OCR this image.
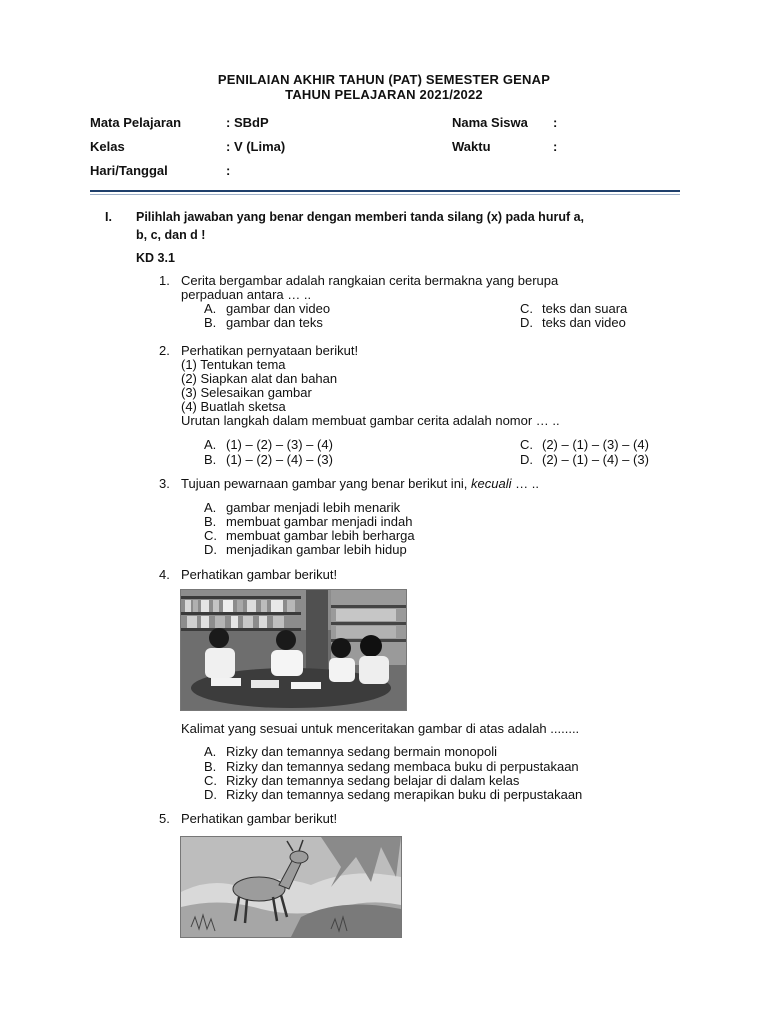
PENILAIAN AKHIR TAHUN (PAT) SEMESTER GENAP
TAHUN PELAJARAN 2021/2022
Mata Pelajaran	: SBdP
Kelas	: V (Lima)
Hari/Tanggal	:
Nama Siswa :
Waktu	:
I. Pilihlah jawaban yang benar dengan memberi tanda silang (x) pada huruf a,
b, c, dan d !
KD 3.1
1. Cerita bergambar adalah rangkaian cerita bermakna yang berupa
perpaduan antara … ..
A. gambar dan video
B. gambar dan teks
C. teks dan suara
D. teks dan video
2. Perhatikan pernyataan berikut!
(1) Tentukan tema
(2) Siapkan alat dan bahan
(3) Selesaikan gambar
(4) Buatlah sketsa
Urutan langkah dalam membuat gambar cerita adalah nomor … ..
A. (1) – (2) – (3) – (4)
B. (1) – (2) – (4) – (3)
C. (2) – (1) – (3) – (4)
D. (2) – (1) – (4) – (3)
3. Tujuan pewarnaan gambar yang benar berikut ini, kecuali … ..
A. gambar menjadi lebih menarik
B. membuat gambar menjadi indah
C. membuat gambar lebih berharga
D. menjadikan gambar lebih hidup
4. Perhatikan gambar berikut!
Kalimat yang sesuai untuk menceritakan gambar di atas adalah ........
A. Rizky dan temannya sedang bermain monopoli
B. Rizky dan temannya sedang membaca buku di perpustakaan
C. Rizky dan temannya sedang belajar di dalam kelas
D. Rizky dan temannya sedang merapikan buku di perpustakaan
5. Perhatikan gambar berikut!
